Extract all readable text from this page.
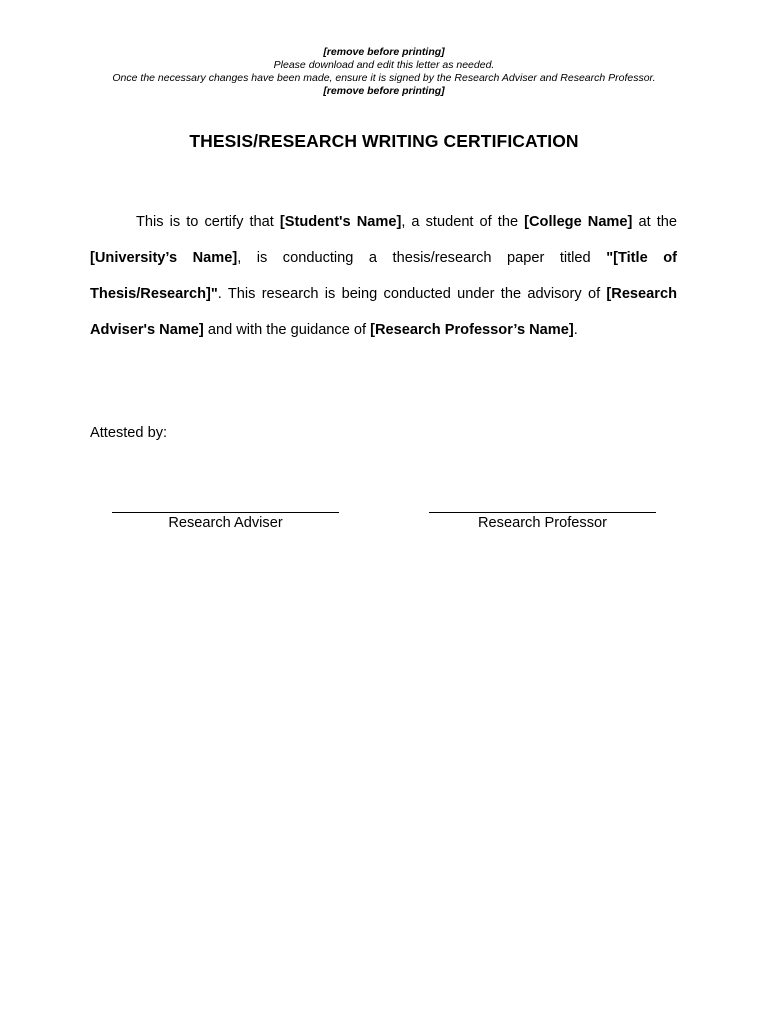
[remove before printing]
Please download and edit this letter as needed.
Once the necessary changes have been made, ensure it is signed by the Research Adviser and Research Professor.
[remove before printing]
THESIS/RESEARCH WRITING CERTIFICATION
This is to certify that [Student's Name], a student of the [College Name] at the [University’s Name], is conducting a thesis/research paper titled "[Title of Thesis/Research]". This research is being conducted under the advisory of [Research Adviser's Name] and with the guidance of [Research Professor’s Name].
Attested by:
Research Adviser	Research Professor
